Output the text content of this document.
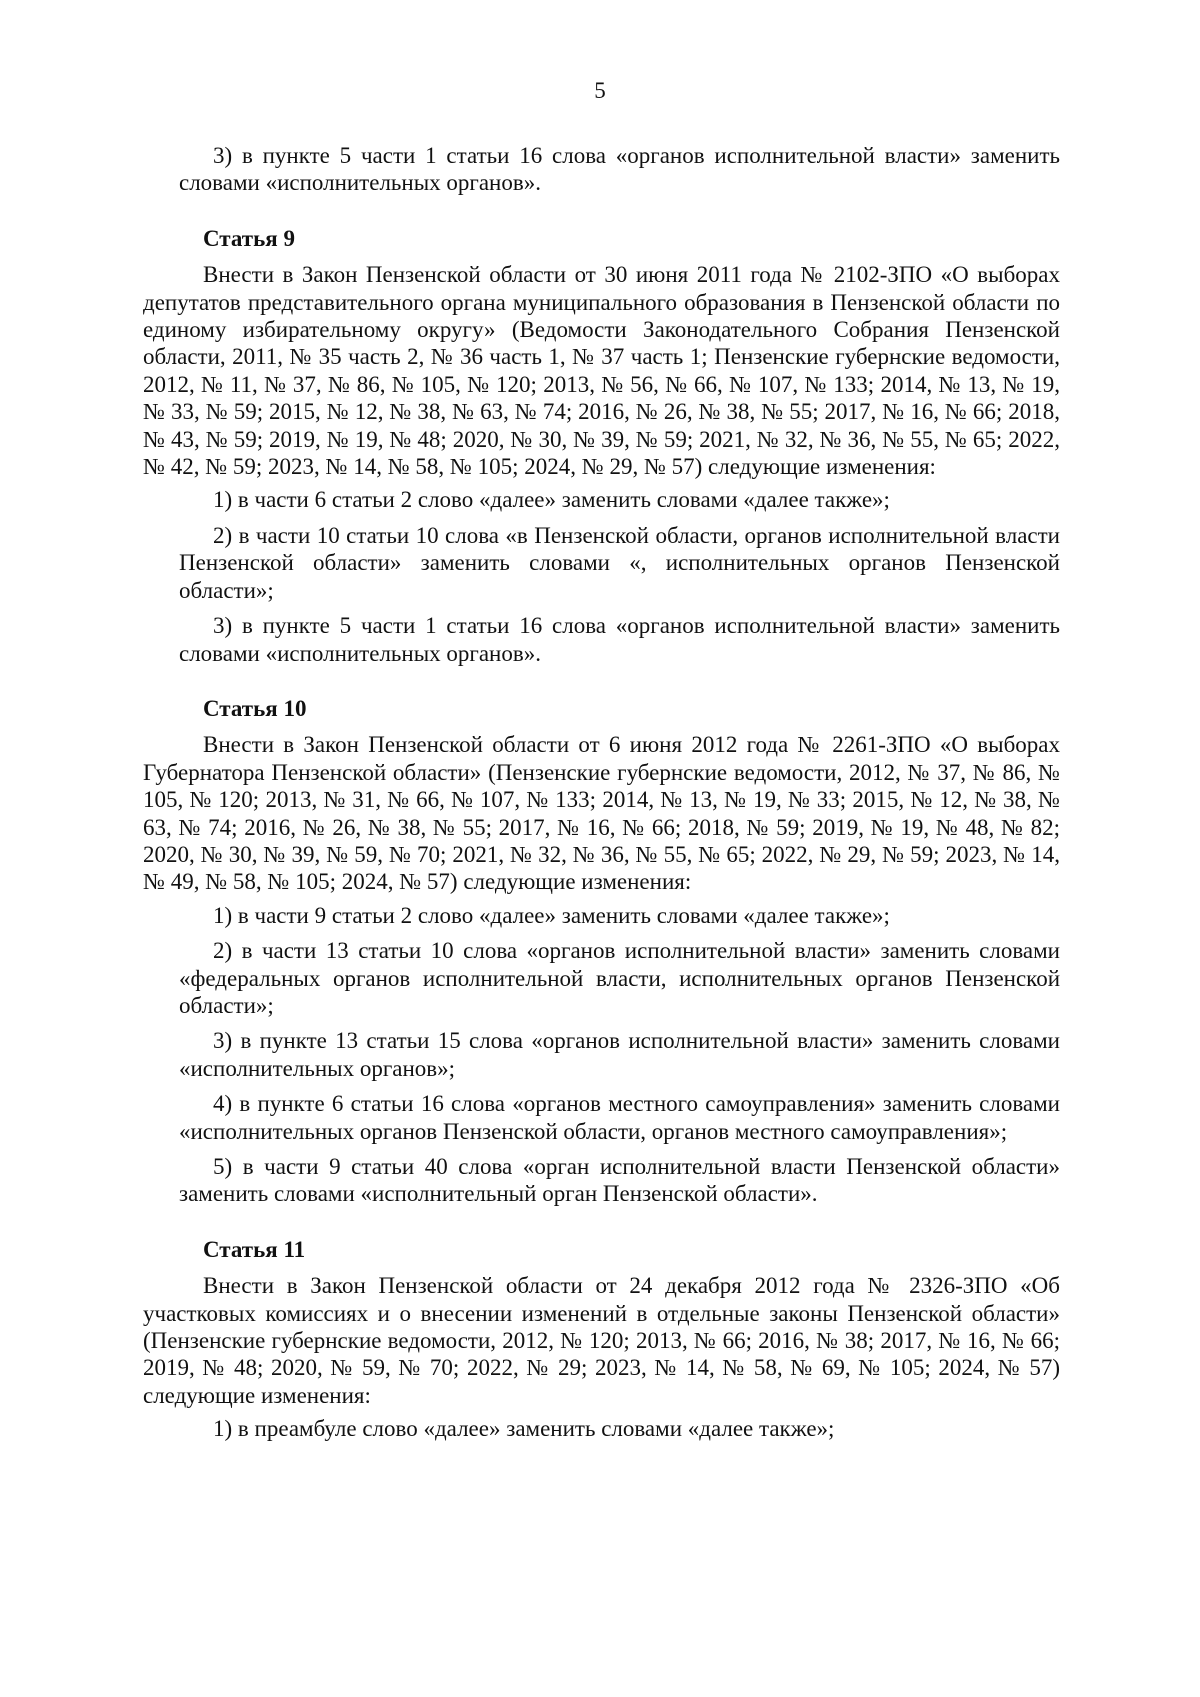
5

3) в пункте 5 части 1 статьи 16 слова «органов исполнительной власти» заменить словами «исполнительных органов».

Статья 9

Внести в Закон Пензенской области от 30 июня 2011 года № 2102-ЗПО «О выборах депутатов представительного органа муниципального образования в Пензенской области по единому избирательному округу» (Ведомости Законодательного Собрания Пензенской области, 2011, № 35 часть 2, № 36 часть 1, № 37 часть 1; Пензенские губернские ведомости, 2012, № 11, № 37, № 86, № 105, № 120; 2013, № 56, № 66, № 107, № 133; 2014, № 13, № 19, № 33, № 59; 2015, № 12, № 38, № 63, № 74; 2016, № 26, № 38, № 55; 2017, № 16, № 66; 2018, № 43, № 59; 2019, № 19, № 48; 2020, № 30, № 39, № 59; 2021, № 32, № 36, № 55, № 65; 2022, № 42, № 59; 2023, № 14, № 58, № 105; 2024, № 29, № 57) следующие изменения:

1) в части 6 статьи 2 слово «далее» заменить словами «далее также»;

2) в части 10 статьи 10 слова «в Пензенской области, органов исполнительной власти Пензенской области» заменить словами «, исполнительных органов Пензенской области»;

3) в пункте 5 части 1 статьи 16 слова «органов исполнительной власти» заменить словами «исполнительных органов».

Статья 10

Внести в Закон Пензенской области от 6 июня 2012 года № 2261-ЗПО «О выборах Губернатора Пензенской области» (Пензенские губернские ведомости, 2012, № 37, № 86, № 105, № 120; 2013, № 31, № 66, № 107, № 133; 2014, № 13, № 19, № 33; 2015, № 12, № 38, № 63, № 74; 2016, № 26, № 38, № 55; 2017, № 16, № 66; 2018, № 59; 2019, № 19, № 48, № 82; 2020, № 30, № 39, № 59, № 70; 2021, № 32, № 36, № 55, № 65; 2022, № 29, № 59; 2023, № 14, № 49, № 58, № 105; 2024, № 57) следующие изменения:

1) в части 9 статьи 2 слово «далее» заменить словами «далее также»;

2) в части 13 статьи 10 слова «органов исполнительной власти» заменить словами «федеральных органов исполнительной власти, исполнительных органов Пензенской области»;

3) в пункте 13 статьи 15 слова «органов исполнительной власти» заменить словами «исполнительных органов»;

4) в пункте 6 статьи 16 слова «органов местного самоуправления» заменить словами «исполнительных органов Пензенской области, органов местного самоуправления»;

5) в части 9 статьи 40 слова «орган исполнительной власти Пензенской области» заменить словами «исполнительный орган Пензенской области».

Статья 11

Внести в Закон Пензенской области от 24 декабря 2012 года № 2326-ЗПО «Об участковых комиссиях и о внесении изменений в отдельные законы Пензенской области» (Пензенские губернские ведомости, 2012, № 120; 2013, № 66; 2016, № 38; 2017, № 16, № 66; 2019, № 48; 2020, № 59, № 70; 2022, № 29; 2023, № 14, № 58, № 69, № 105; 2024, № 57) следующие изменения:

1) в преамбуле слово «далее» заменить словами «далее также»;
